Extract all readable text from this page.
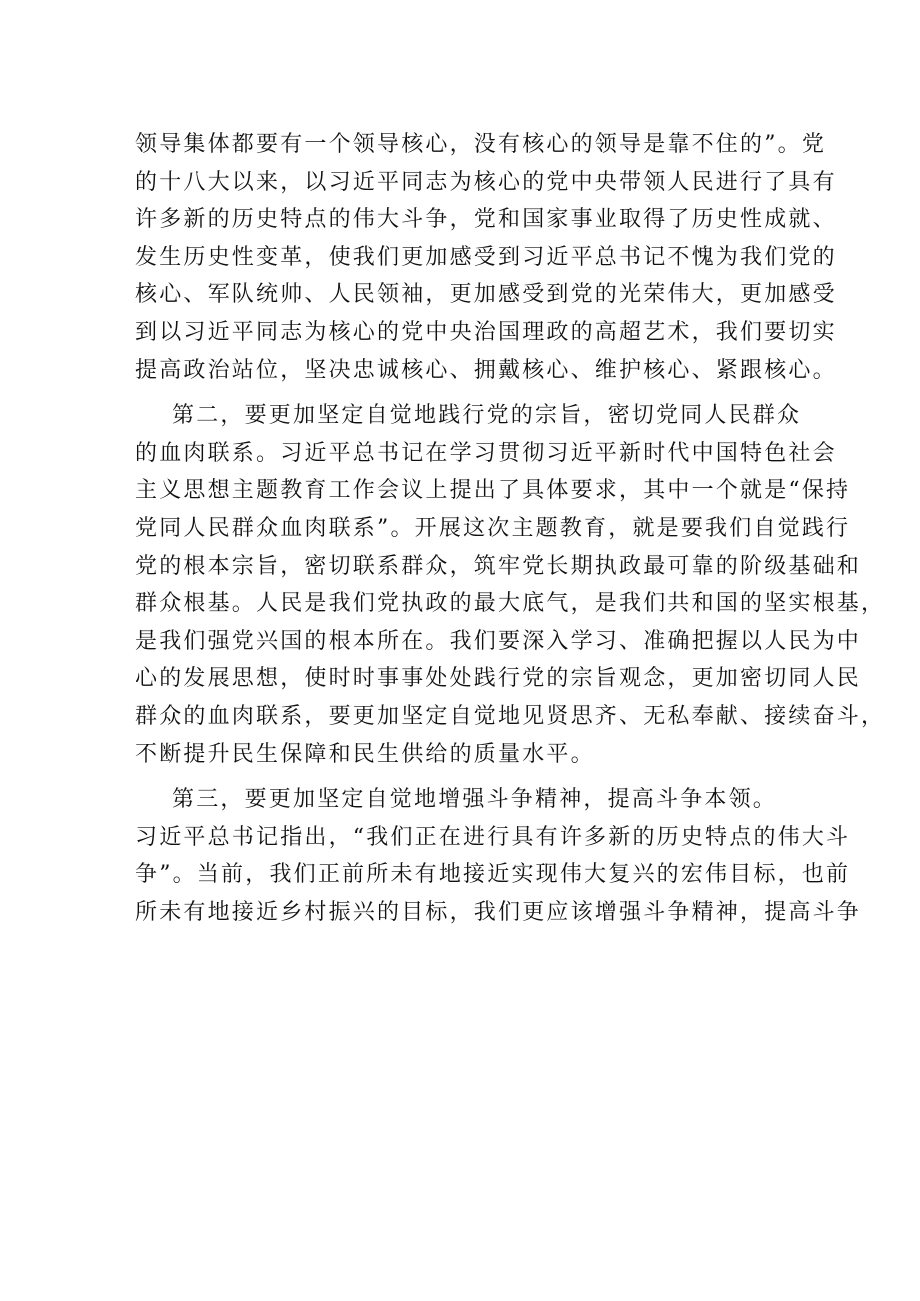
领导集体都要有一个领导核心，没有核心的领导是靠不住的”。党
的十八大以来，以习近平同志为核心的党中央带领人民进行了具有
许多新的历史特点的伟大斗争，党和国家事业取得了历史性成就、
发生历史性变革，使我们更加感受到习近平总书记不愧为我们党的
核心、军队统帅、人民领袖，更加感受到党的光荣伟大，更加感受
到以习近平同志为核心的党中央治国理政的高超艺术，我们要切实
提高政治站位，坚决忠诚核心、拥戴核心、维护核心、紧跟核心。
第二，要更加坚定自觉地践行党的宗旨，密切党同人民群众
的血肉联系。习近平总书记在学习贯彻习近平新时代中国特色社会
主义思想主题教育工作会议上提出了具体要求，其中一个就是“保持
党同人民群众血肉联系”。开展这次主题教育，就是要我们自觉践行
党的根本宗旨，密切联系群众，筑牢党长期执政最可靠的阶级基础和
群众根基。人民是我们党执政的最大底气，是我们共和国的坚实根基，
是我们强党兴国的根本所在。我们要深入学习、准确把握以人民为中
心的发展思想，使时时事事处处践行党的宗旨观念，更加密切同人民
群众的血肉联系，要更加坚定自觉地见贤思齐、无私奉献、接续奋斗，
不断提升民生保障和民生供给的质量水平。
第三，要更加坚定自觉地增强斗争精神，提高斗争本领。
习近平总书记指出，“我们正在进行具有许多新的历史特点的伟大斗
争”。当前，我们正前所未有地接近实现伟大复兴的宏伟目标，也前
所未有地接近乡村振兴的目标，我们更应该增强斗争精神，提高斗争
